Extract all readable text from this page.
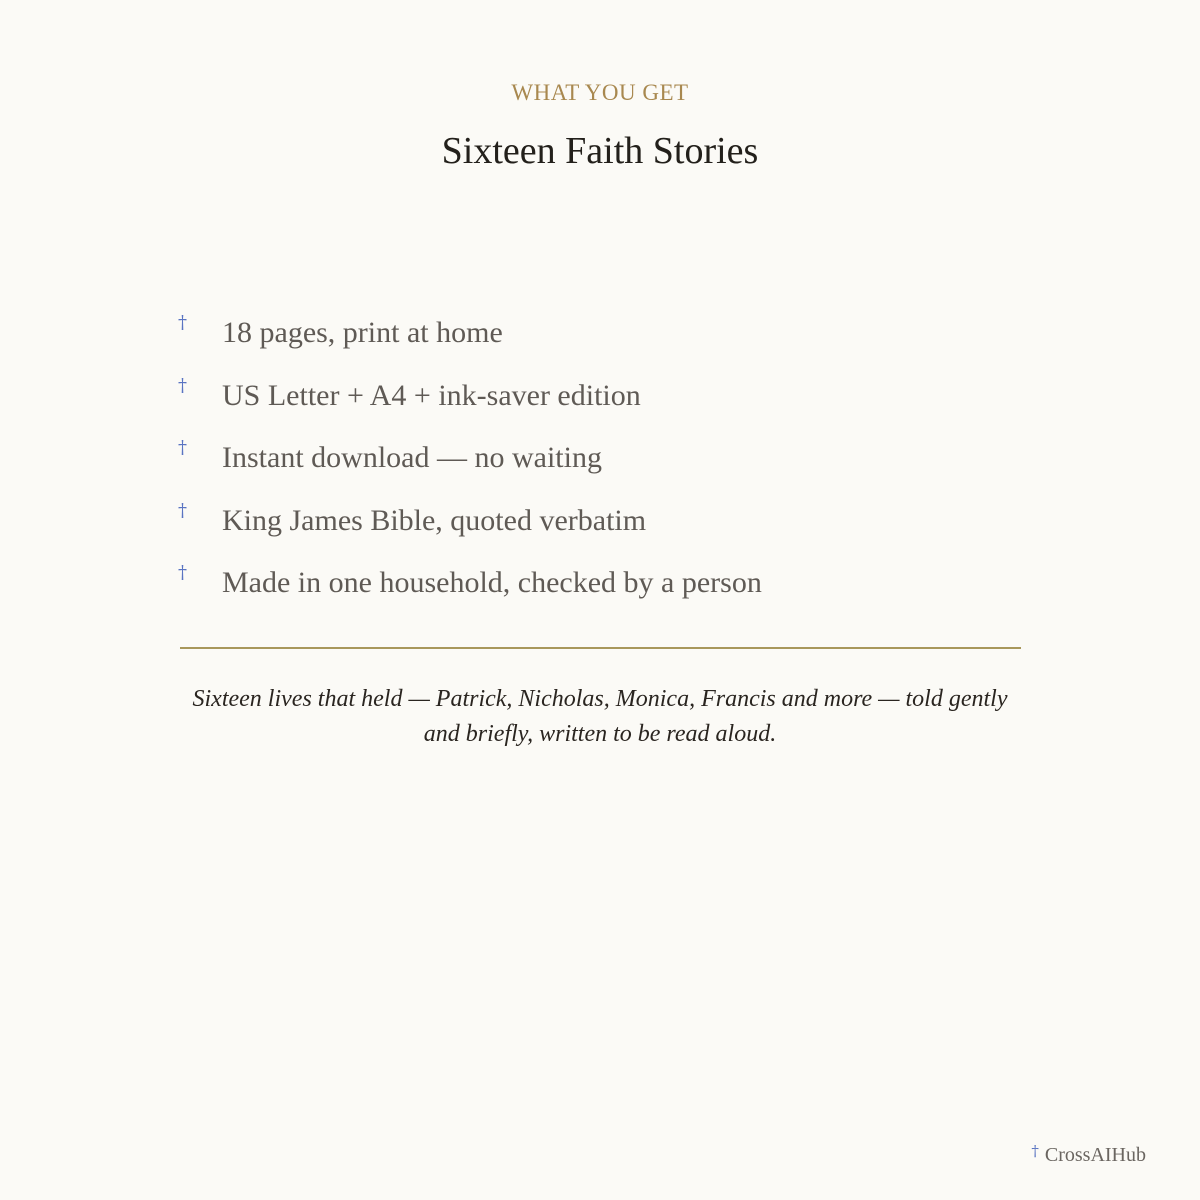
WHAT YOU GET
Sixteen Faith Stories
† 18 pages, print at home
† US Letter + A4 + ink-saver edition
† Instant download — no waiting
† King James Bible, quoted verbatim
† Made in one household, checked by a person

Sixteen lives that held — Patrick, Nicholas, Monica, Francis and more — told gently and briefly, written to be read aloud.

† CrossAIHub
